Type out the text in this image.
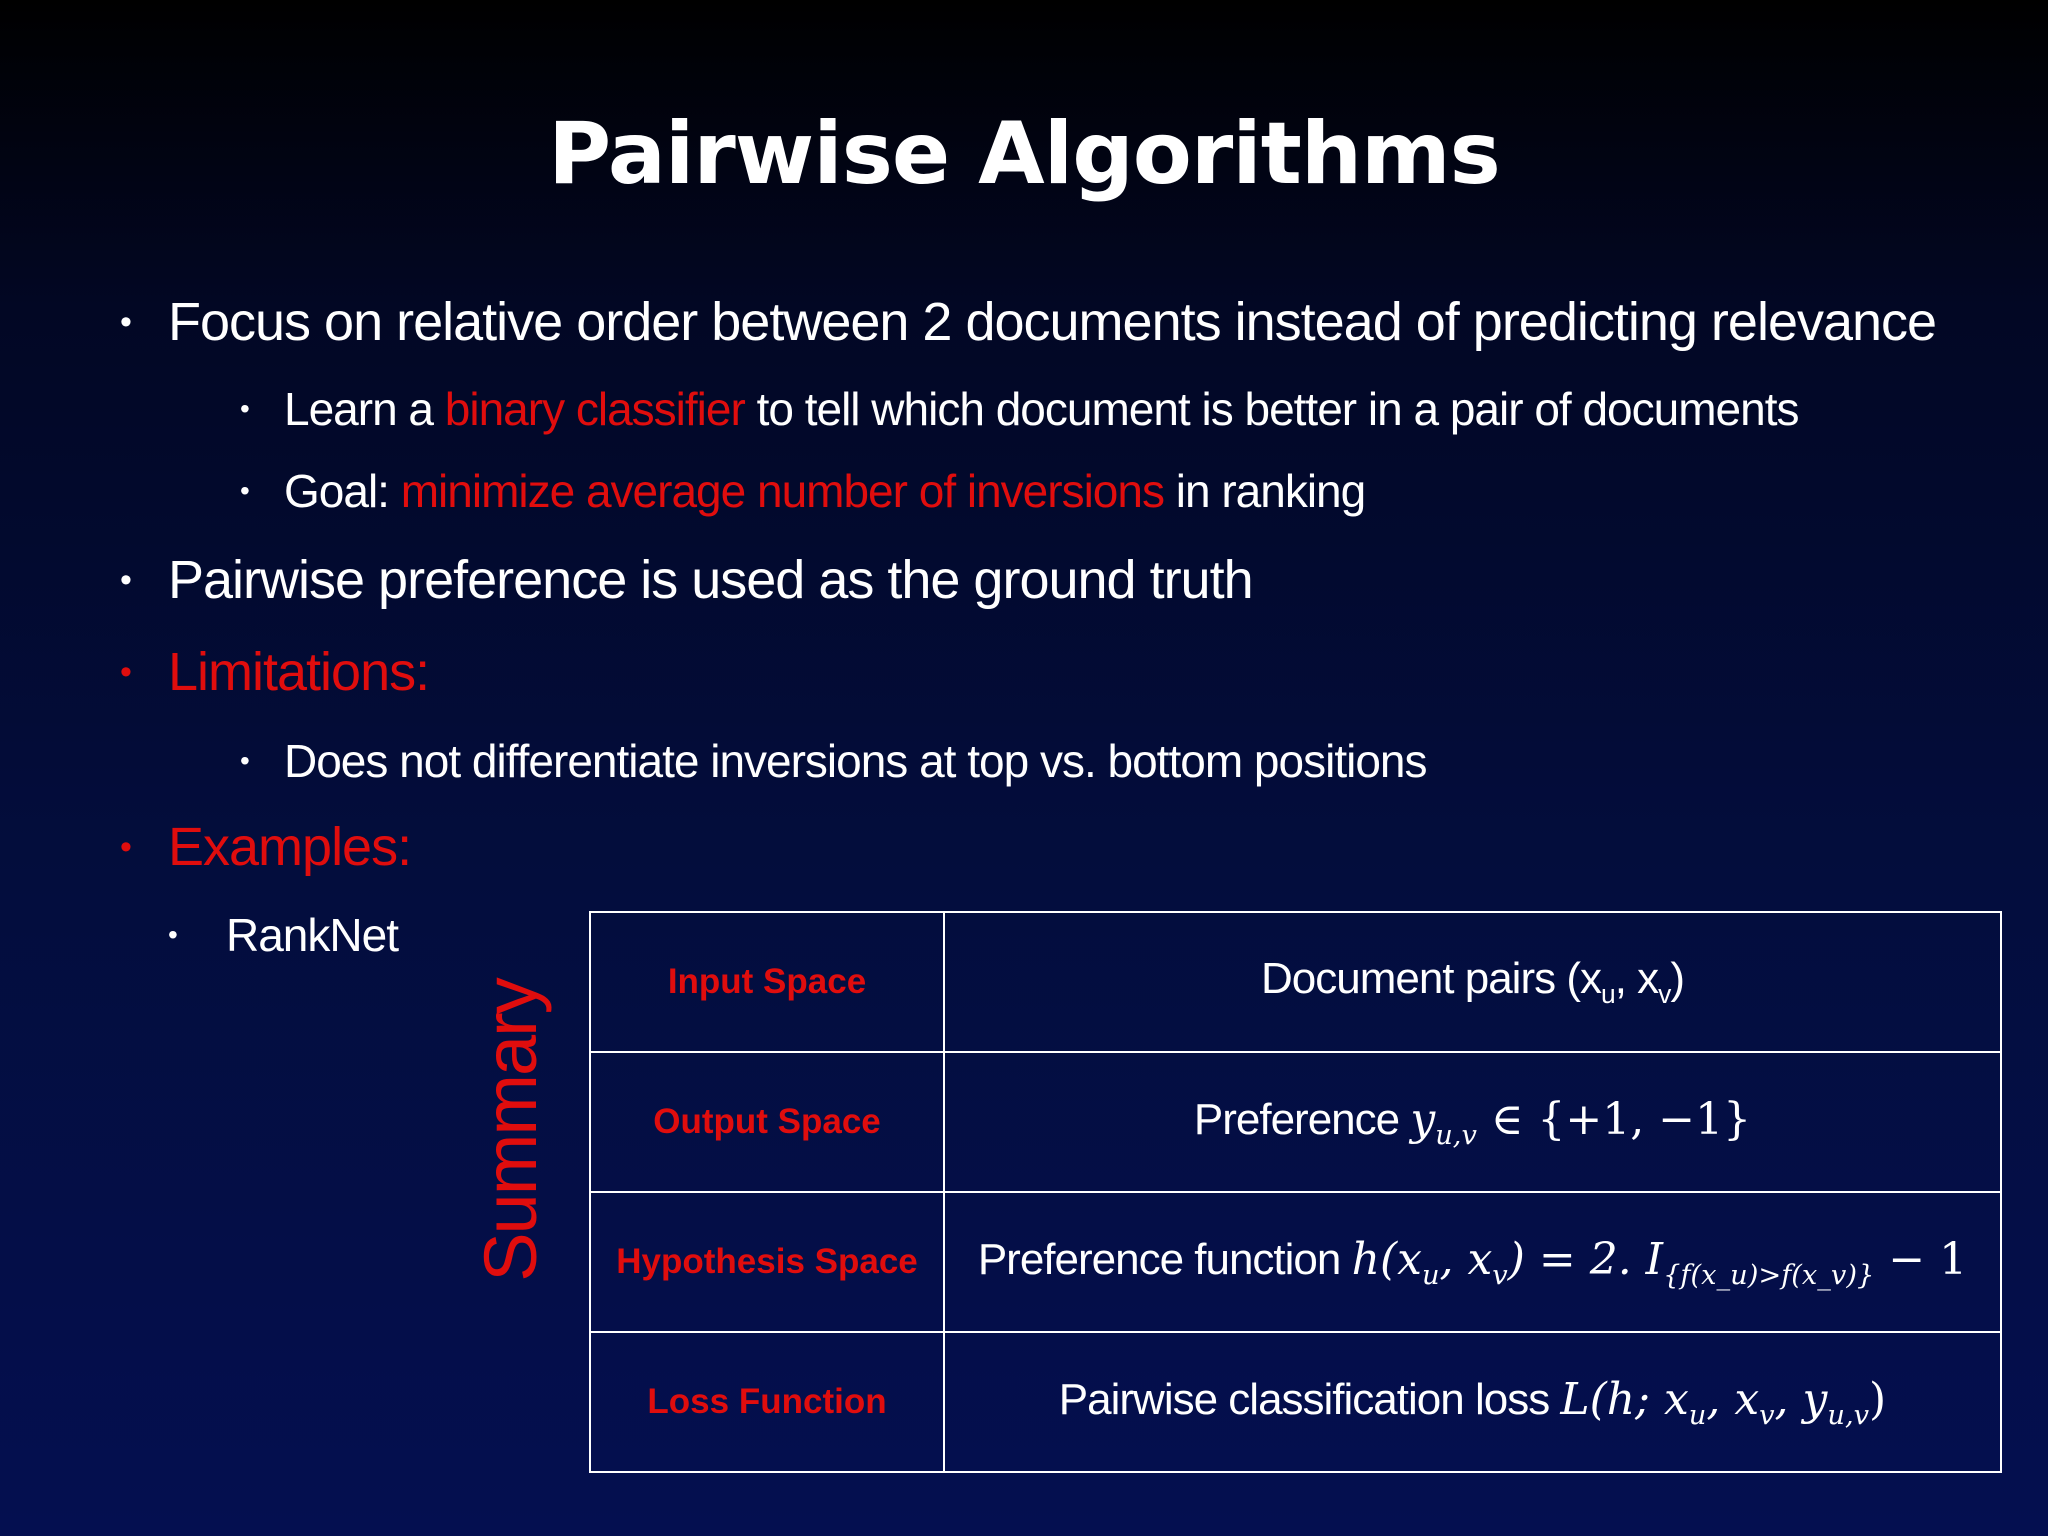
Pairwise Algorithms
• Focus on relative order between 2 documents instead of predicting relevance
• Learn a binary classifier to tell which document is better in a pair of documents
• Goal: minimize average number of inversions in ranking
• Pairwise preference is used as the ground truth
• Limitations:
• Does not differentiate inversions at top vs. bottom positions
• Examples:
• RankNet
Summary	Input Space	Document pairs ($x_u$, $x_v$)
Output Space	Preference $y_{u,v}$ ∈ {+1, −1}
Hypothesis Space	Preference function $h(x_u$, $x_v) = 2$. $I_{\{f(x\_u)>f(x\_v)\}} - 1$
Loss Function	Pairwise classification loss L(h; $x_u$, $x_v$, $y_{u,v}$)
